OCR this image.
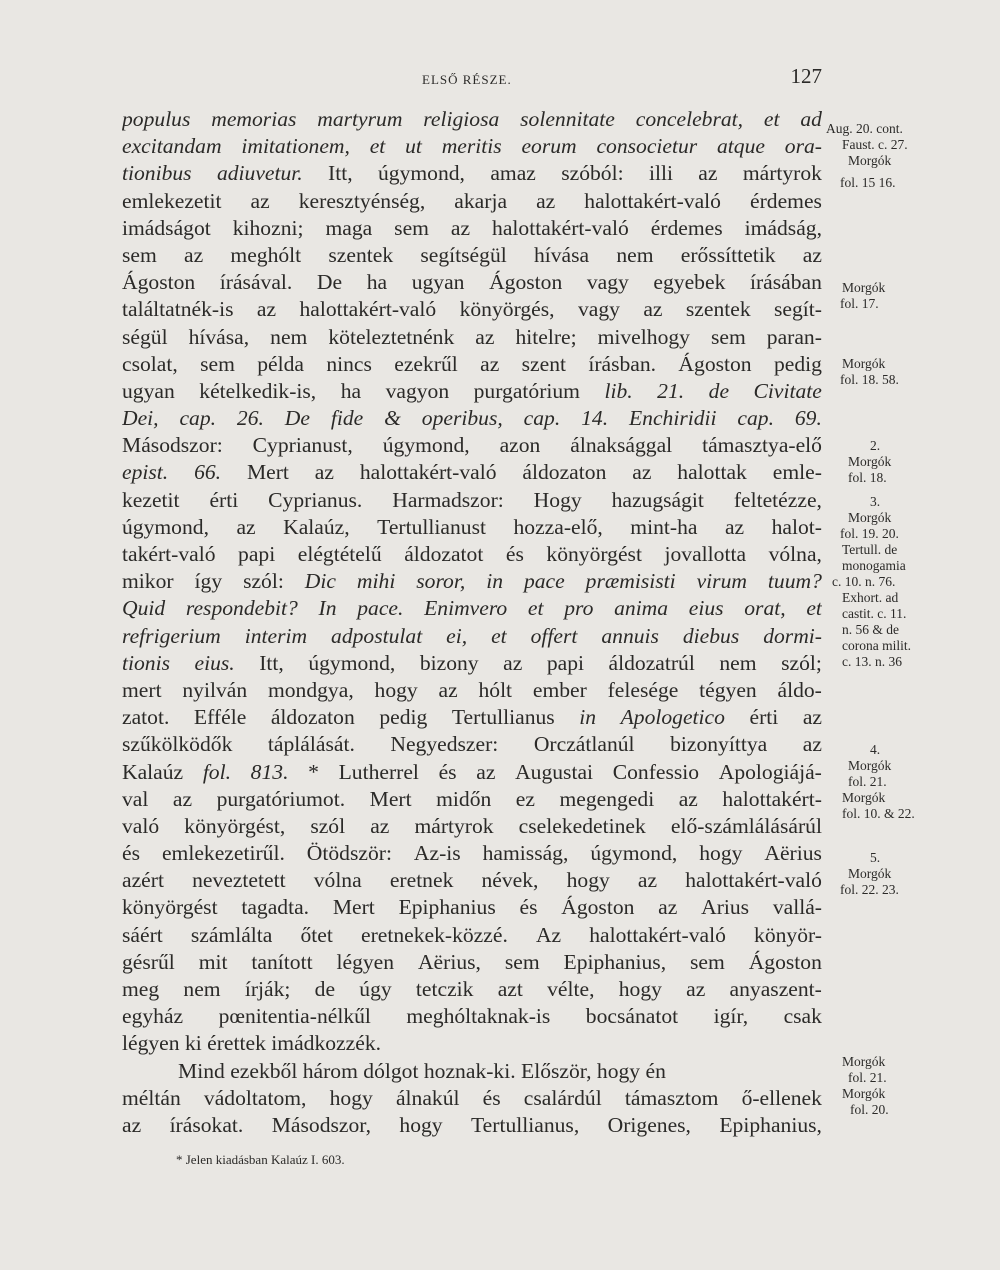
ELSŐ RÉSZE.	127
populus memorias martyrum religiosa solennitate concelebrat, et ad
excitandam imitationem, et ut meritis eorum consocietur atque ora-
tionibus adiuvetur. Itt, úgymond, amaz szóból: illi az mártyrok
emlekezetit az keresztyénség, akarja az halottakért-való érdemes
imádságot kihozni; maga sem az halottakért-való érdemes imádság,
sem az meghólt szentek segítségül hívása nem erőssíttetik az
Ágoston írásával. De ha ugyan Ágoston vagy egyebek írásában
találtatnék-is az halottakért-való könyörgés, vagy az szentek segít-
ségül hívása, nem köteleztetnénk az hitelre; mivelhogy sem paran-
csolat, sem példa nincs ezekrűl az szent írásban. Ágoston pedig
ugyan kételkedik-is, ha vagyon purgatórium lib. 21. de Civitate
Dei, cap. 26. De fide & operibus, cap. 14. Enchiridii cap. 69.
Másodszor: Cyprianust, úgymond, azon álnaksággal támasztya-elő
epist. 66. Mert az halottakért-való áldozaton az halottak emle-
kezetit érti Cyprianus. Harmadszor: Hogy hazugságit feltetézze,
úgymond, az Kalaúz, Tertullianust hozza-elő, mint-ha az halot-
takért-való papi elégtételű áldozatot és könyörgést jovallotta vólna,
mikor így szól: Dic mihi soror, in pace præmisisti virum tuum?
Quid respondebit? In pace. Enimvero et pro anima eius orat, et
refrigerium interim adpostulat ei, et offert annuis diebus dormi-
tionis eius. Itt, úgymond, bizony az papi áldozatrúl nem szól;
mert nyilván mondgya, hogy az hólt ember felesége tégyen áldo-
zatot. Efféle áldozaton pedig Tertullianus in Apologetico érti az
szűkölködők táplálását. Negyedszer: Orczátlanúl bizonyíttya az
Kalaúz fol. 813. * Lutherrel és az Augustai Confessio Apologiájá-
val az purgatóriumot. Mert midőn ez megengedi az halottakért-
való könyörgést, szól az mártyrok cselekedetinek elő-számlálásárúl
és emlekezetirűl. Ötödször: Az-is hamisság, úgymond, hogy Aërius
azért neveztetett vólna eretnek névek, hogy az halottakért-való
könyörgést tagadta. Mert Epiphanius és Ágoston az Arius vallá-
sáért számlálta őtet eretnekek-közzé. Az halottakért-való könyör-
gésrűl mit tanított légyen Aërius, sem Epiphanius, sem Ágoston
meg nem írják; de úgy tetczik azt vélte, hogy az anyaszent-
egyház pœnitentia-nélkűl meghóltaknak-is bocsánatot igír, csak
légyen ki érettek imádkozzék.
Mind ezekből három dólgot hoznak-ki. Először, hogy én
méltán vádoltatom, hogy álnakúl és csalárdúl támasztom ő-ellenek
az írásokat. Másodszor, hogy Tertullianus, Origenes, Epiphanius,
Aug. 20. cont.
Faust. c. 27.
Morgók
fol. 15 16.
Morgók
fol. 17.
Morgók
fol. 18. 58.
2.
Morgók
fol. 18.
3.
Morgók
fol. 19. 20.
Tertull. de
monogamia
c. 10. n. 76.
Exhort. ad
castit. c. 11.
n. 56 & de
corona milit.
c. 13. n. 36
4.
Morgók
fol. 21.
Morgók
fol. 10. & 22.
5.
Morgók
fol. 22. 23.
Morgók
fol. 21.
Morgók
fol. 20.
* Jelen kiadásban Kalaúz I. 603.
